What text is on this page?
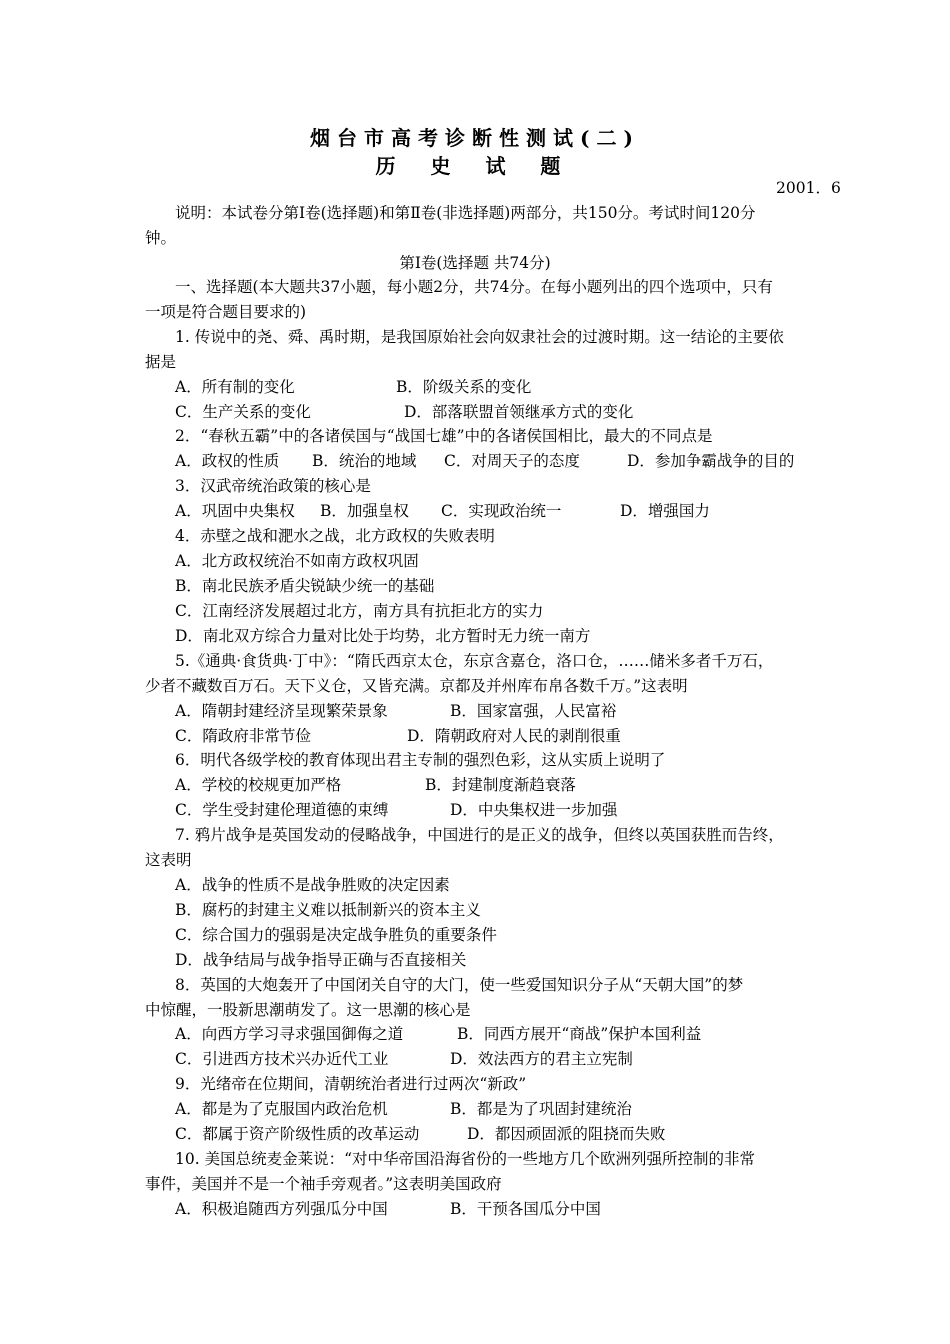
烟台市高考诊断性测试(二)
历 史 试 题
2001．6
说明：本试卷分第Ⅰ卷(选择题)和第Ⅱ卷(非选择题)两部分，共150分。考试时间120分
钟。
第Ⅰ卷(选择题 共74分)
一、选择题(本大题共37小题，每小题2分，共74分。在每小题列出的四个选项中，只有
一项是符合题目要求的)
1. 传说中的尧、舜、禹时期，是我国原始社会向奴隶社会的过渡时期。这一结论的主要依
据是
A．所有制的变化	B．阶级关系的变化
C．生产关系的变化	D．部落联盟首领继承方式的变化
2．“春秋五霸”中的各诸侯国与“战国七雄”中的各诸侯国相比，最大的不同点是
A．政权的性质 B．统治的地域 C．对周天子的态度	D．参加争霸战争的目的
3．汉武帝统治政策的核心是
A．巩固中央集权 B．加强皇权 C．实现政治统一	D．增强国力
4．赤壁之战和淝水之战，北方政权的失败表明
A．北方政权统治不如南方政权巩固
B．南北民族矛盾尖锐缺少统一的基础
C．江南经济发展超过北方，南方具有抗拒北方的实力
D．南北双方综合力量对比处于均势，北方暂时无力统一南方
5.《通典·食货典·丁中》：“隋氏西京太仓，东京含嘉仓，洛口仓，……储米多者千万石，
少者不藏数百万石。天下义仓，又皆充满。京都及并州库布帛各数千万。”这表明
A．隋朝封建经济呈现繁荣景象	B．国家富强，人民富裕
C．隋政府非常节俭	D．隋朝政府对人民的剥削很重
6．明代各级学校的教育体现出君主专制的强烈色彩，这从实质上说明了
A．学校的校规更加严格	B．封建制度渐趋衰落
C．学生受封建伦理道德的束缚	D．中央集权进一步加强
7. 鸦片战争是英国发动的侵略战争，中国进行的是正义的战争，但终以英国获胜而告终，
这表明
A．战争的性质不是战争胜败的决定因素
B．腐朽的封建主义难以抵制新兴的资本主义
C．综合国力的强弱是决定战争胜负的重要条件
D．战争结局与战争指导正确与否直接相关
8．英国的大炮轰开了中国闭关自守的大门，使一些爱国知识分子从“天朝大国”的梦
中惊醒，一股新思潮萌发了。这一思潮的核心是
A．向西方学习寻求强国御侮之道	B．同西方展开“商战”保护本国利益
C．引进西方技术兴办近代工业	D．效法西方的君主立宪制
9．光绪帝在位期间，清朝统治者进行过两次“新政”
A．都是为了克服国内政治危机	B．都是为了巩固封建统治
C．都属于资产阶级性质的改革运动	D．都因顽固派的阻挠而失败
10. 美国总统麦金莱说：“对中华帝国沿海省份的一些地方几个欧洲列强所控制的非常
事件，美国并不是一个袖手旁观者。”这表明美国政府
A．积极追随西方列强瓜分中国	B．干预各国瓜分中国
